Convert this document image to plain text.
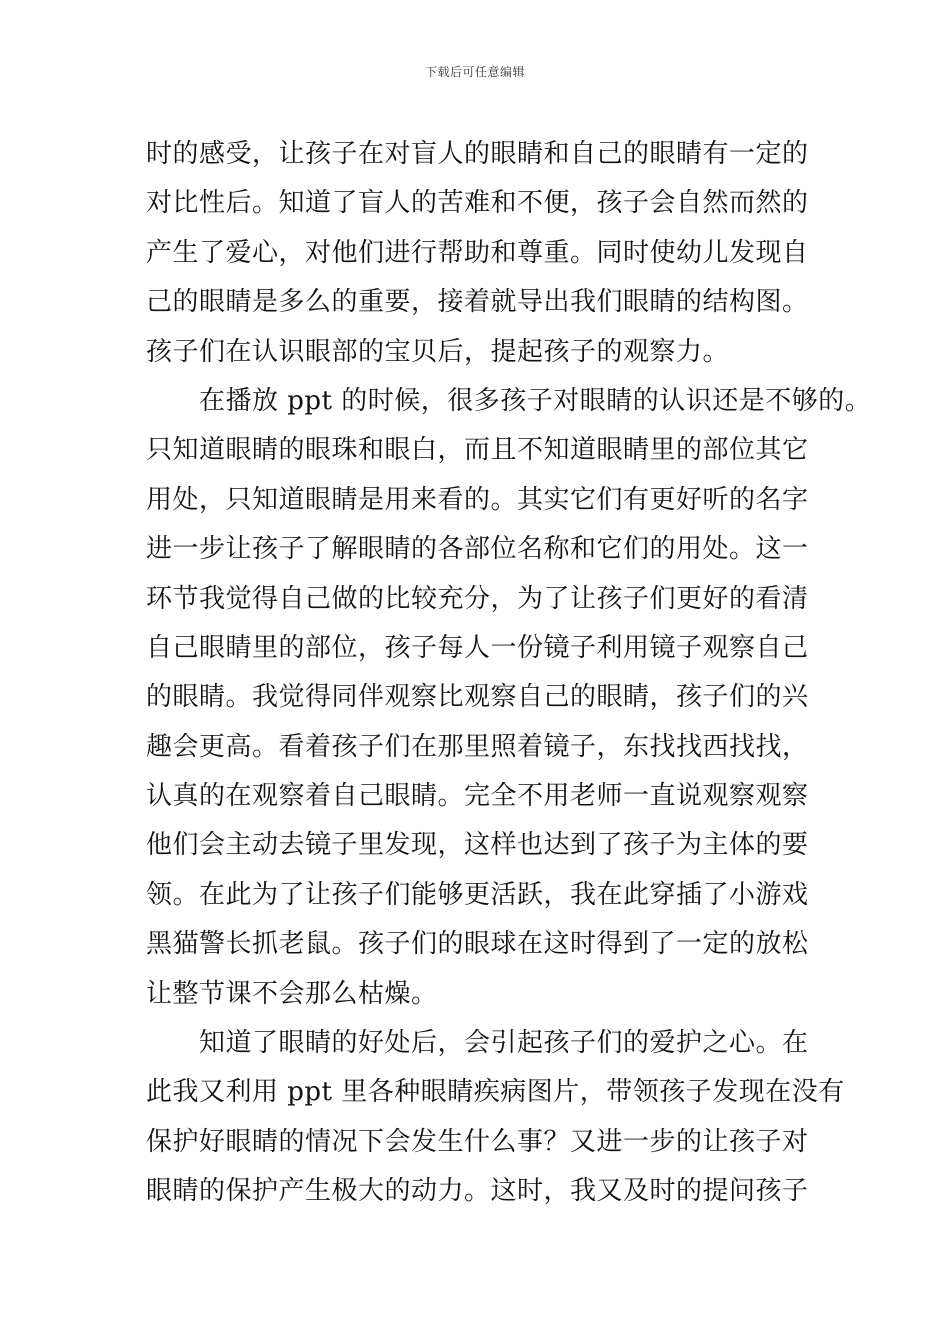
下载后可任意编辑
时的感受，让孩子在对盲人的眼睛和自己的眼睛有一定的
对比性后。知道了盲人的苦难和不便，孩子会自然而然的
产生了爱心，对他们进行帮助和尊重。同时使幼儿发现自
己的眼睛是多么的重要，接着就导出我们眼睛的结构图。
孩子们在认识眼部的宝贝后，提起孩子的观察力。
　　在播放 ppt 的时候，很多孩子对眼睛的认识还是不够的。
只知道眼睛的眼珠和眼白，而且不知道眼睛里的部位其它
用处，只知道眼睛是用来看的。其实它们有更好听的名字
进一步让孩子了解眼睛的各部位名称和它们的用处。这一
环节我觉得自己做的比较充分，为了让孩子们更好的看清
自己眼睛里的部位，孩子每人一份镜子利用镜子观察自己
的眼睛。我觉得同伴观察比观察自己的眼睛，孩子们的兴
趣会更高。看着孩子们在那里照着镜子，东找找西找找，
认真的在观察着自己眼睛。完全不用老师一直说观察观察
他们会主动去镜子里发现，这样也达到了孩子为主体的要
领。在此为了让孩子们能够更活跃，我在此穿插了小游戏
黑猫警长抓老鼠。孩子们的眼球在这时得到了一定的放松
让整节课不会那么枯燥。
　　知道了眼睛的好处后，会引起孩子们的爱护之心。在
此我又利用 ppt 里各种眼睛疾病图片，带领孩子发现在没有
保护好眼睛的情况下会发生什么事？又进一步的让孩子对
眼睛的保护产生极大的动力。这时，我又及时的提问孩子
